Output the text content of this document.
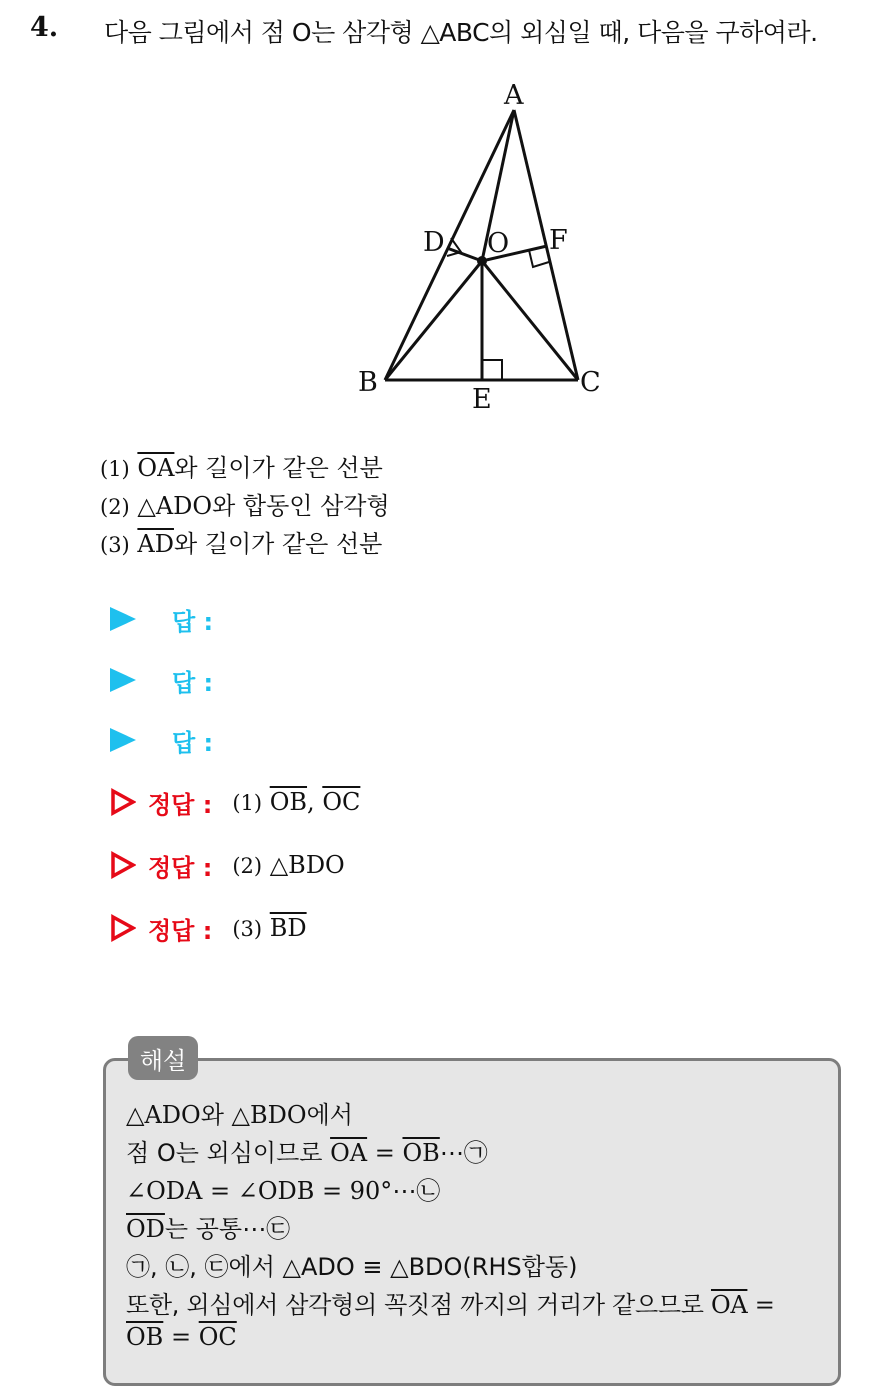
4. 다음 그림에서 점 O는 삼각형 △ABC의 외심일 때, 다음을 구하여라.
A
B	C
D
E
F
O
(1) $\overline{OA}$와 길이가 같은 선분
(2) △ADO와 합동인 삼각형
(3) $\overline{AD}$와 길이가 같은 선분
답 :
답 :
답 :
정답 : (1) $\overline{OB}$, $\overline{OC}$
정답 : (2) △BDO
정답 : (3) $\overline{BD}$
해설
△ADO와 △BDO에서
점 O는 외심이므로 $\overline{OA}$ = $\overline{OB}\cdots㉠$
∠ODA = ∠ODB = 90°⋯㉡
$\overline{OD}$는 공통⋯㉢
㉠, ㉡, ㉢에서 △ADO ≡ △BDO(RHS합동)
또한, 외심에서 삼각형의 꼭짓점 까지의 거리가 같으므로 $\overline{OA}$ =
$\overline{OB} = \overline{OC}$
